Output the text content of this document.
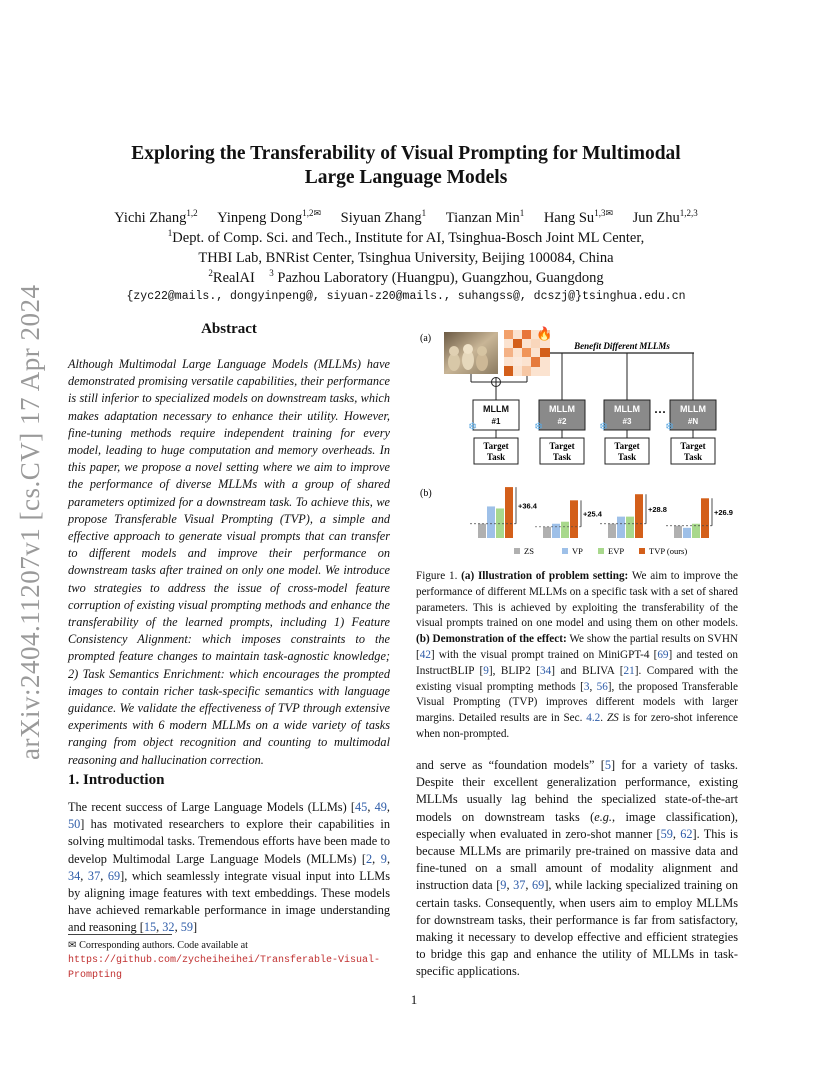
arXiv:2404.11207v1 [cs.CV] 17 Apr 2024
Exploring the Transferability of Visual Prompting for Multimodal
Large Language Models
Yichi Zhang$^{1,2}$ Yinpeng Dong$^{1,2✉}$ Siyuan Zhang$^1$ Tianzan Min$^1$ Hang $Su^{1,3✉}$ Jun Zhu$^{1,2,3}$
$^1$Dept. of Comp. Sci. and Tech., Institute for AI, Tsinghua-Bosch Joint ML Center,
THBI Lab, BNRist Center, Tsinghua University, Beijing 100084, China
$^2$RealAI $^3$ Pazhou Laboratory (Huangpu), Guangzhou, Guangdong
{zyc22@mails., dongyinpeng@, siyuan-z20@mails., suhangss@, dcszj@}tsinghua.edu.cn
Abstract
Although Multimodal Large Language Models (MLLMs) have demonstrated promising versatile capabilities, their performance is still inferior to specialized models on downstream tasks, which makes adaptation necessary to enhance their utility. However, fine-tuning methods require independent training for every model, leading to huge computation and memory overheads. In this paper, we propose a novel setting where we aim to improve the performance of diverse MLLMs with a group of shared parameters optimized for a downstream task. To achieve this, we propose Transferable Visual Prompting (TVP), a simple and effective approach to generate visual prompts that can transfer to different models and improve their performance on downstream tasks after trained on only one model. We introduce two strategies to address the issue of cross-model feature corruption of existing visual prompting methods and enhance the transferability of the learned prompts, including 1) Feature Consistency Alignment: which imposes constraints to the prompted feature changes to maintain task-agnostic knowledge; 2) Task Semantics Enrichment: which encourages the prompted images to contain richer task-specific semantics with language guidance. We validate the effectiveness of TVP through extensive experiments with 6 modern MLLMs on a wide variety of tasks ranging from object recognition and counting to multimodal reasoning and hallucination correction.
1. Introduction
The recent success of Large Language Models (LLMs) [45, 49, 50] has motivated researchers to explore their capabilities in solving multimodal tasks. Tremendous efforts have been made to develop Multimodal Large Language Models (MLLMs) [2, 9, 34, 37, 69], which seamlessly integrate visual input into LLMs by aligning image features with text embeddings. These models have achieved remarkable performance in image understanding and reasoning [15, 32, 59]
✉ Corresponding authors. Code available at https://github.com/zycheiheihei/Transferable-Visual-Prompting
(a)
(b)
🔥
Benefit Different MLLMs
MLLM
#1
❄
Target
Task
MLLM
#2
❄
Target
Task
MLLM
#3
❄
Target
Task
MLLM
#N
❄
Target
Task
···
+36.4
+25.4
+28.8	+26.9
ZS	VP	EVP	TVP (ours)
Figure 1. (a) Illustration of problem setting: We aim to improve the performance of different MLLMs on a specific task with a set of shared parameters. This is achieved by exploiting the transferability of the visual prompts trained on one model and using them on other models. (b) Demonstration of the effect: We show the partial results on SVHN [42] with the visual prompt trained on MiniGPT-4 [69] and tested on InstructBLIP [9], BLIP2 [34] and BLIVA [21]. Compared with the existing visual prompting methods [3, 56], the proposed Transferable Visual Prompting (TVP) improves different models with larger margins. Detailed results are in Sec. 4.2. ZS is for zero-shot inference when non-prompted.
and serve as “foundation models” [5] for a variety of tasks. Despite their excellent generalization performance, existing MLLMs usually lag behind the specialized state-of-the-art models on downstream tasks (e.g., image classification), especially when evaluated in zero-shot manner [59, 62]. This is because MLLMs are primarily pre-trained on massive data and fine-tuned on a small amount of modality alignment and instruction data [9, 37, 69], while lacking specialized training on certain tasks. Consequently, when users aim to employ MLLMs for downstream tasks, their performance is far from satisfactory, making it necessary to develop effective and efficient strategies to bridge this gap and enhance the utility of MLLMs in task-specific applications.
1
